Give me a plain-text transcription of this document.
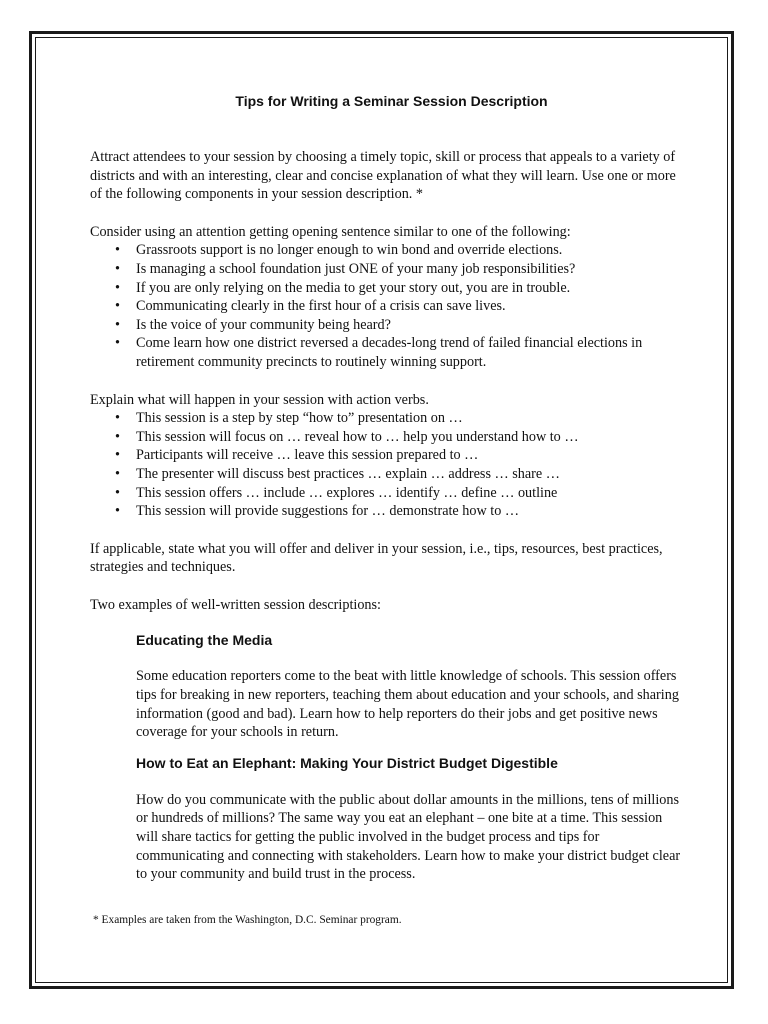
Tips for Writing a Seminar Session Description

Attract attendees to your session by choosing a timely topic, skill or process that appeals to a variety of districts and with an interesting, clear and concise explanation of what they will learn. Use one or more of the following components in your session description. *

Consider using an attention getting opening sentence similar to one of the following:

• Grassroots support is no longer enough to win bond and override elections.
• Is managing a school foundation just ONE of your many job responsibilities?
• If you are only relying on the media to get your story out, you are in trouble.
• Communicating clearly in the first hour of a crisis can save lives.
• Is the voice of your community being heard?
• Come learn how one district reversed a decades-long trend of failed financial elections in retirement community precincts to routinely winning support.

Explain what will happen in your session with action verbs.

• This session is a step by step “how to” presentation on …
• This session will focus on … reveal how to … help you understand how to …
• Participants will receive … leave this session prepared to …
• The presenter will discuss best practices … explain … address … share …
• This session offers … include … explores … identify … define … outline
• This session will provide suggestions for … demonstrate how to …

If applicable, state what you will offer and deliver in your session, i.e., tips, resources, best practices, strategies and techniques.

Two examples of well-written session descriptions:

Educating the Media

Some education reporters come to the beat with little knowledge of schools. This session offers tips for breaking in new reporters, teaching them about education and your schools, and sharing information (good and bad). Learn how to help reporters do their jobs and get positive news coverage for your schools in return.

How to Eat an Elephant: Making Your District Budget Digestible

How do you communicate with the public about dollar amounts in the millions, tens of millions or hundreds of millions? The same way you eat an elephant – one bite at a time. This session will share tactics for getting the public involved in the budget process and tips for communicating and connecting with stakeholders. Learn how to make your district budget clear to your community and build trust in the process.

* Examples are taken from the Washington, D.C. Seminar program.
